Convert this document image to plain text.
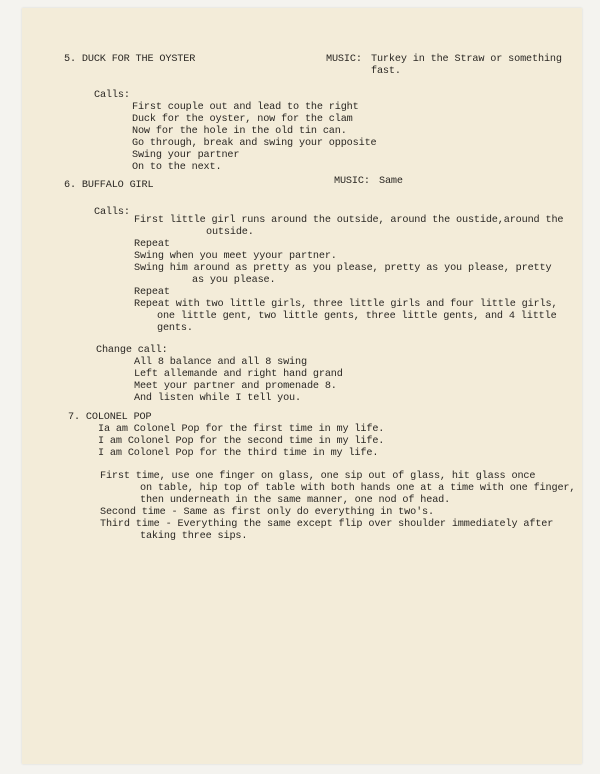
5. DUCK FOR THE OYSTER	MUSIC: Turkey in the Straw or something
fast.
Calls:
First couple out and lead to the right
Duck for the oyster, now for the clam
Now for the hole in the old tin can.
Go through, break and swing your opposite
Swing your partner
On to the next.
6. BUFFALO GIRL	MUSIC: Same
Calls:
First little girl runs around the outside, around the oustide,around the
outside.
Repeat
Swing when you meet yyour partner.
Swing him around as pretty as you please, pretty as you please, pretty
as you please.
Repeat
Repeat with two little girls, three little girls and four little girls,
one little gent, two little gents, three little gents, and 4 little
gents.
Change call:
All 8 balance and all 8 swing
Left allemande and right hand grand
Meet your partner and promenade 8.
And listen while I tell you.
7. COLONEL POP
Ia am Colonel Pop for the first time in my life.
I am Colonel Pop for the second time in my life.
I am Colonel Pop for the third time in my life.
First time, use one finger on glass, one sip out of glass, hit glass once
on table, hip top of table with both hands one at a time with one finger,
then underneath in the same manner, one nod of head.
Second time - Same as first only do everything in two's.
Third time - Everything the same except flip over shoulder immediately after
taking three sips.
